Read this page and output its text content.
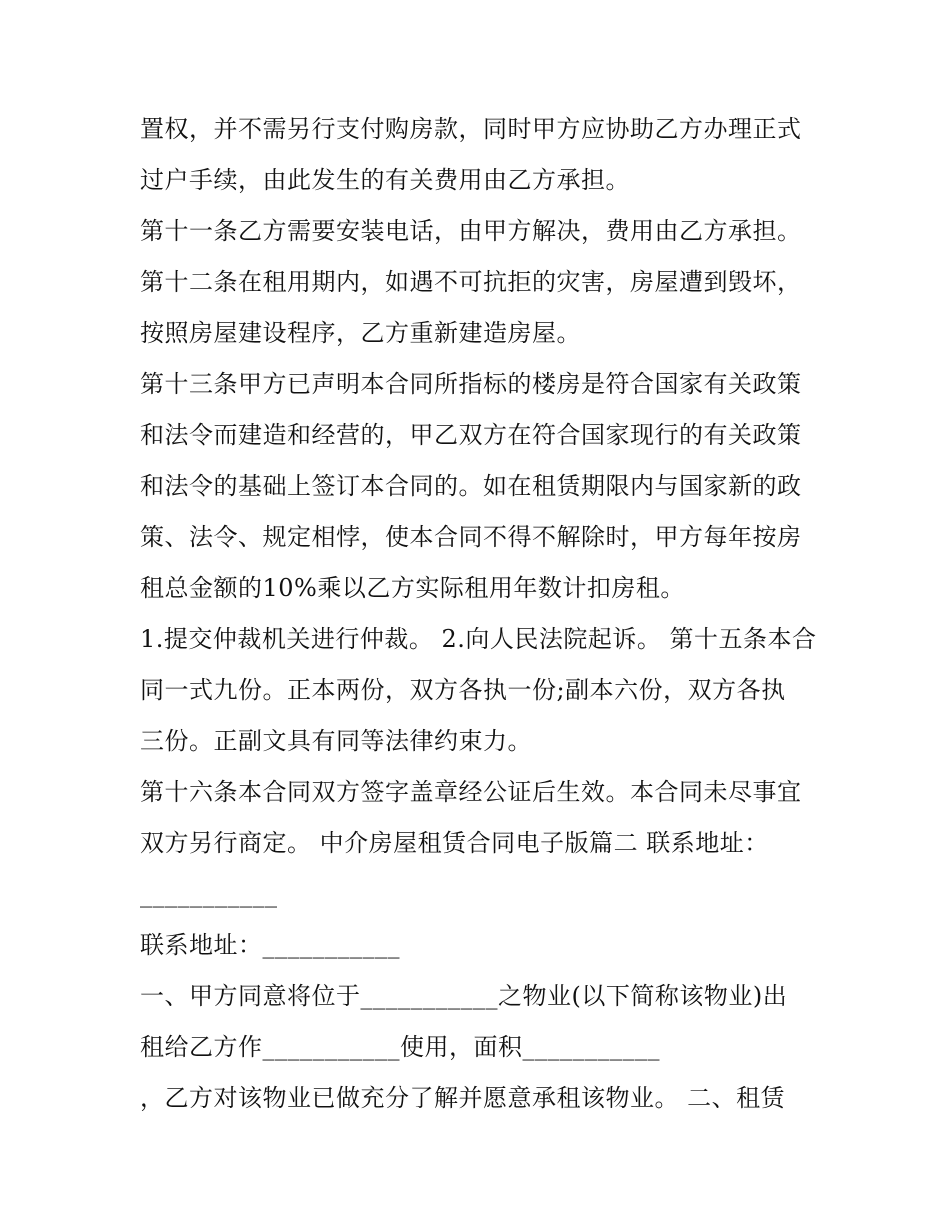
置权，并不需另行支付购房款，同时甲方应协助乙方办理正式
过户手续，由此发生的有关费用由乙方承担。
第十一条乙方需要安装电话，由甲方解决，费用由乙方承担。
第十二条在租用期内，如遇不可抗拒的灾害，房屋遭到毁坏，
按照房屋建设程序，乙方重新建造房屋。
第十三条甲方已声明本合同所指标的楼房是符合国家有关政策
和法令而建造和经营的，甲乙双方在符合国家现行的有关政策
和法令的基础上签订本合同的。如在租赁期限内与国家新的政
策、法令、规定相悖，使本合同不得不解除时，甲方每年按房
租总金额的10%乘以乙方实际租用年数计扣房租。
1.提交仲裁机关进行仲裁。 2.向人民法院起诉。 第十五条本合
同一式九份。正本两份，双方各执一份;副本六份，双方各执
三份。正副文具有同等法律约束力。
第十六条本合同双方签字盖章经公证后生效。本合同未尽事宜
双方另行商定。 中介房屋租赁合同电子版篇二 联系地址：
___________
联系地址：___________
一、甲方同意将位于___________之物业(以下简称该物业)出
租给乙方作___________使用，面积___________
，乙方对该物业已做充分了解并愿意承租该物业。 二、租赁
